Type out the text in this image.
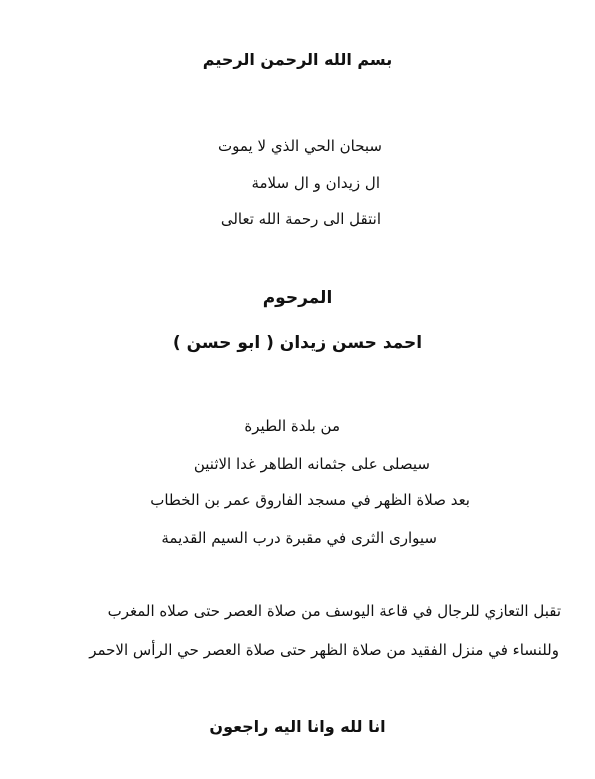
بسم الله الرحمن الرحيم
سبحان الحي الذي لا يموت
ال زيدان و ال سلامة
انتقل الى رحمة الله تعالى
المرحوم
احمد حسن زيدان ( ابو حسن )
من بلدة الطيرة
سيصلى على جثمانه الطاهر غدا الاثنين
بعد صلاة الظهر في مسجد الفاروق عمر بن الخطاب
سيوارى الثرى في مقبرة درب السيم القديمة
تقبل التعازي للرجال في قاعة اليوسف من صلاة العصر حتى صلاه المغرب
وللنساء في منزل الفقيد من صلاة الظهر حتى صلاة العصر حي الرأس الاحمر
انا لله وانا اليه راجعون
